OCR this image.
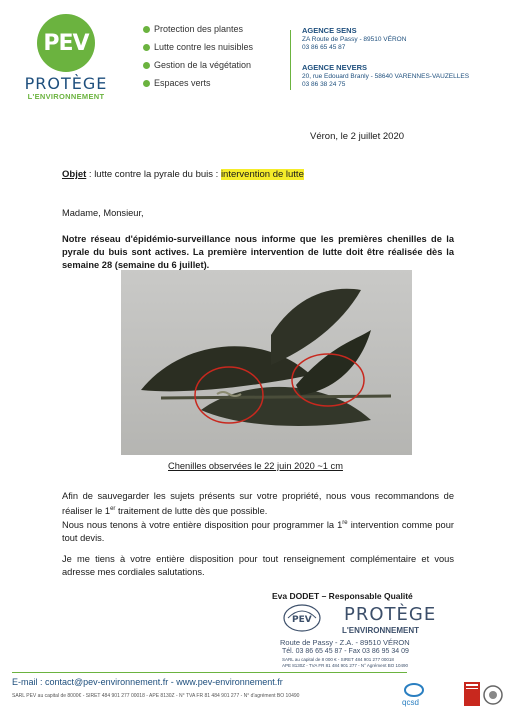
PEV
PROTÈGE
L'ENVIRONNEMENT
Protection des plantes
Lutte contre les nuisibles
Gestion de la végétation
Espaces verts
AGENCE SENS
ZA Route de Passy - 89510 VÉRON
03 86 65 45 87
AGENCE NEVERS
20, rue Edouard Branly - 58640 VARENNES-VAUZELLES
03 86 38 24 75
Véron, le 2 juillet 2020
Objet : lutte contre la pyrale du buis : intervention de lutte
Madame, Monsieur,
Notre réseau d'épidémio-surveillance nous informe que les premières chenilles de la pyrale du buis sont actives. La première intervention de lutte doit être réalisée dès la semaine 28 (semaine du 6 juillet).
Chenilles observées le 22 juin 2020 ~1 cm
Afin de sauvegarder les sujets présents sur votre propriété, nous vous recommandons de réaliser le 1er traitement de lutte dès que possible.
Nous nous tenons à votre entière disposition pour programmer la 1re intervention comme pour tout devis.
Je me tiens à votre entière disposition pour tout renseignement complémentaire et vous adresse mes cordiales salutations.
Eva DODET – Responsable Qualité
PEV PROTÈGE
L'ENVIRONNEMENT
Route de Passy - Z.A. - 89510 VÉRON
Tél. 03 86 65 45 87 - Fax 03 86 95 34 09
SARL au capital de 8 000 € - SIRET 484 901 277 00018
APE 8130Z - TVA FR 81 484 901 277 - N° Agrément BO 10490
E-mail : contact@pev-environnement.fr - www.pev-environnement.fr
SARL PEV au capital de 8000€ - SIRET 484 901 277 00018 - APE 8130Z - N° TVA FR 81 484 901 277 - N° d'agrément BO 10490
qcsd
